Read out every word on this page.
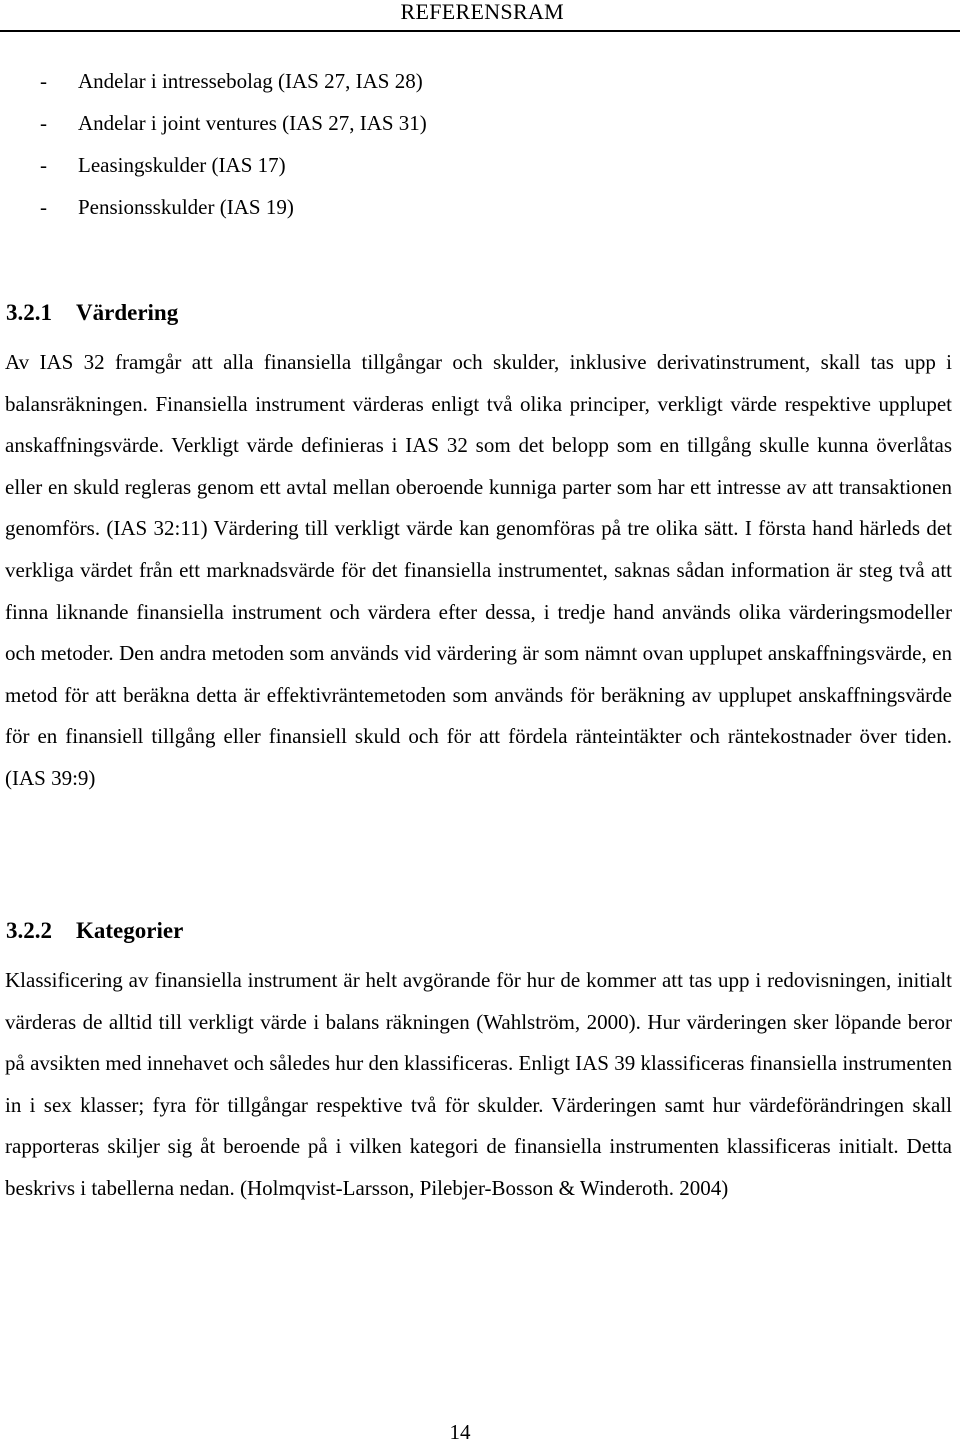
REFERENSRAM
- Andelar i intressebolag (IAS 27, IAS 28)
- Andelar i joint ventures (IAS 27, IAS 31)
- Leasingskulder (IAS 17)
- Pensionsskulder (IAS 19)
3.2.1 Värdering

Av IAS 32 framgår att alla finansiella tillgångar och skulder, inklusive derivatinstrument, skall tas upp i balansräkningen. Finansiella instrument värderas enligt två olika principer, verkligt värde respektive upplupet anskaffningsvärde. Verkligt värde definieras i IAS 32 som det belopp som en tillgång skulle kunna överlåtas eller en skuld regleras genom ett avtal mellan oberoende kunniga parter som har ett intresse av att transaktionen genomförs. (IAS 32:11) Värdering till verkligt värde kan genomföras på tre olika sätt. I första hand härleds det verkliga värdet från ett marknadsvärde för det finansiella instrumentet, saknas sådan information är steg två att finna liknande finansiella instrument och värdera efter dessa, i tredje hand används olika värderingsmodeller och metoder. Den andra metoden som används vid värdering är som nämnt ovan upplupet anskaffningsvärde, en metod för att beräkna detta är effektivräntemetoden som används för beräkning av upplupet anskaffningsvärde för en finansiell tillgång eller finansiell skuld och för att fördela ränteintäkter och räntekostnader över tiden. (IAS 39:9)

3.2.2 Kategorier

Klassificering av finansiella instrument är helt avgörande för hur de kommer att tas upp i redovisningen, initialt värderas de alltid till verkligt värde i balans räkningen (Wahlström, 2000). Hur värderingen sker löpande beror på avsikten med innehavet och således hur den klassificeras. Enligt IAS 39 klassificeras finansiella instrumenten in i sex klasser; fyra för tillgångar respektive två för skulder. Värderingen samt hur värdeförändringen skall rapporteras skiljer sig åt beroende på i vilken kategori de finansiella instrumenten klassificeras initialt. Detta beskrivs i tabellerna nedan. (Holmqvist-Larsson, Pilebjer-Bosson & Winderoth. 2004)

14
